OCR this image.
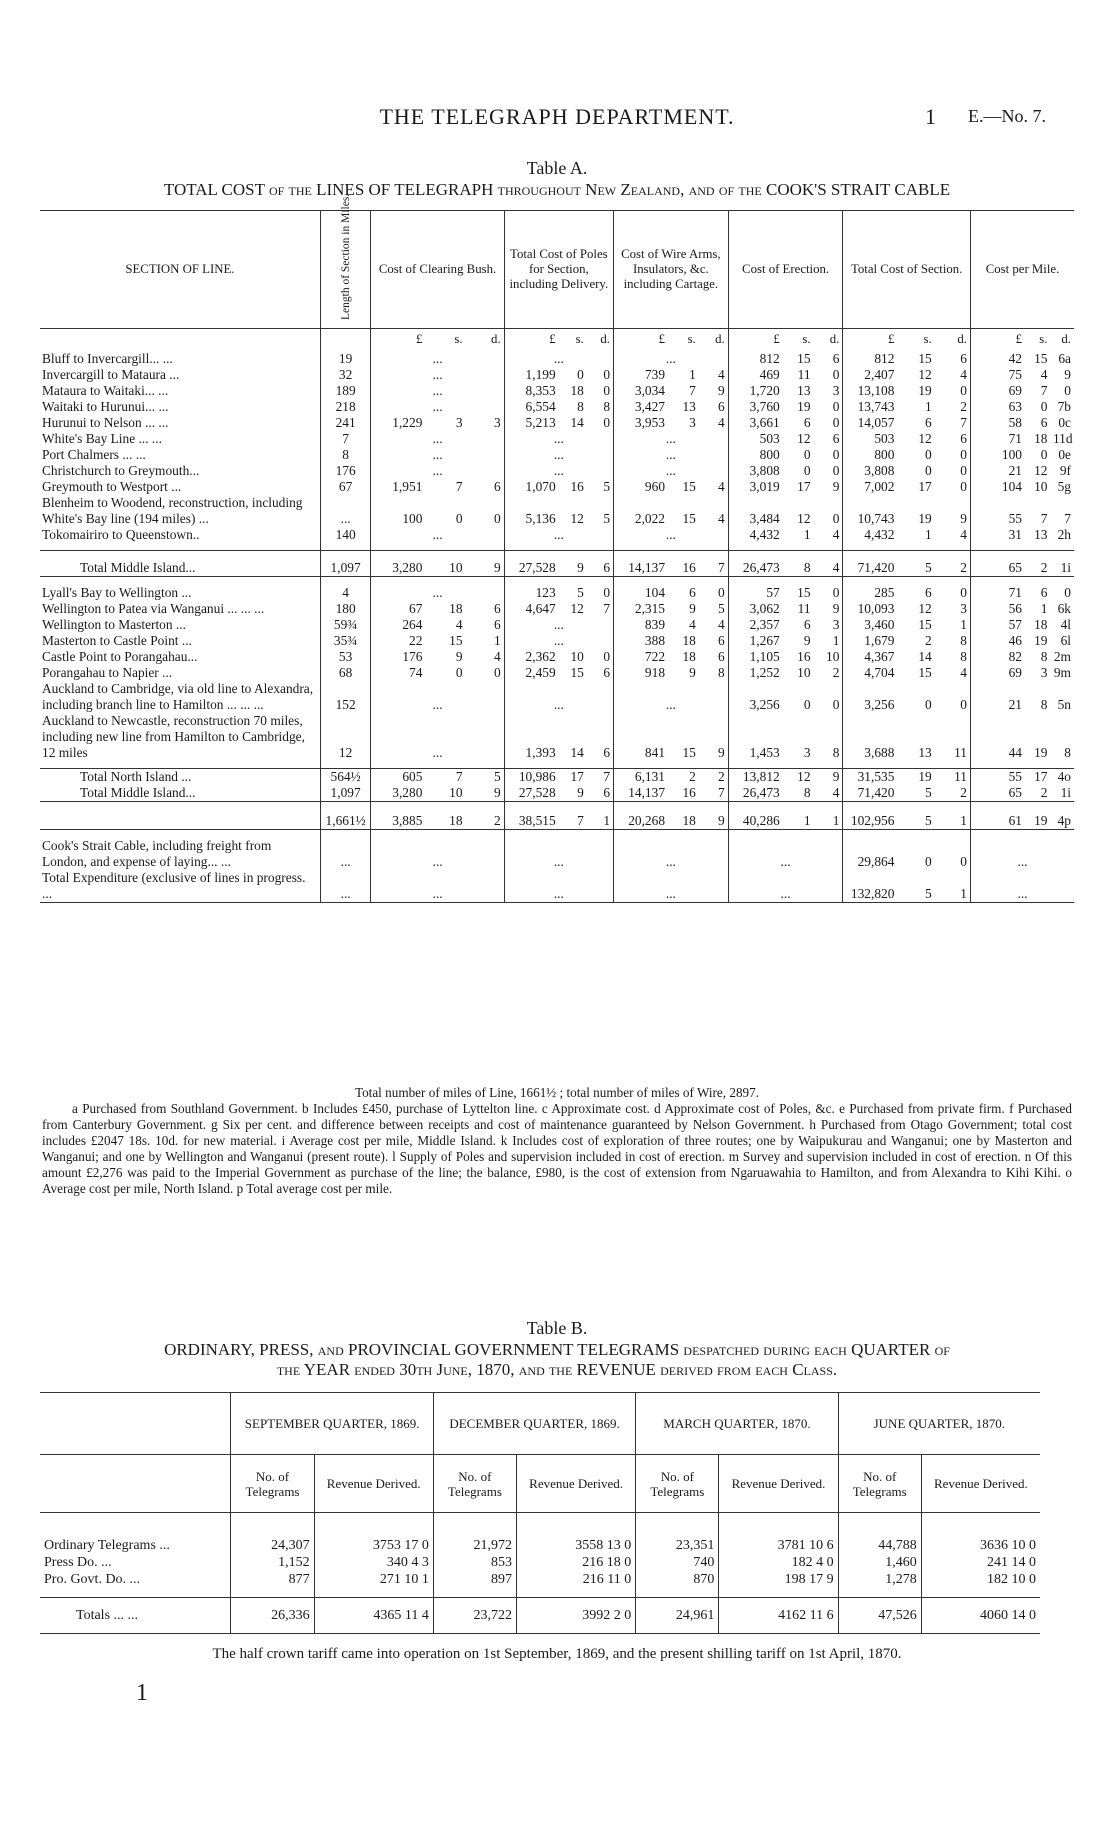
THE TELEGRAPH DEPARTMENT.	1 E.—No. 7.
Table A.
TOTAL COST of the LINES OF TELEGRAPH throughout New Zealand, and of the COOK'S STRAIT CABLE
SECTION OF LINE.	Length of Section in Miles.	Cost of Clearing Bush.	Total Cost of Poles for Section, including Delivery.	Cost of Wire Arms, Insulators, &c. including Cartage.	Cost of Erection.	Total Cost of Section.	Cost per Mile.

		£ s. d.	£ s. d.	£ s. d.	£ s. d.	£ s. d.	£ s. d.

Bluff to Invercargill... ...	19	...	...	...	812 15 6	812 15 6	42 15 6a

Invercargill to Mataura ...	32	...	1,199 0 0	739 1 4	469 11 0	2,407 12 4	75 4 9

Mataura to Waitaki... ...	189	...	8,353 18 0	3,034 7 9	1,720 13 3	13,108 19 0	69 7 0

Waitaki to Hurunui... ...	218	...	6,554 8 8	3,427 13 6	3,760 19 0	13,743 1 2	63 0 7b

Hurunui to Nelson ... ...	241	1,229 3 3	5,213 14 0	3,953 3 4	3,661 6 0	14,057 6 7	58 6 0c

White's Bay Line ... ...	7	...	...	...	503 12 6	503 12 6	71 18 11d

Port Chalmers ... ...	8	...	...	...	800 0 0	800 0 0	100 0 0e

Christchurch to Greymouth...	176	...	...	...	3,808 0 0	3,808 0 0	21 12 9f

Greymouth to Westport ...	67	1,951 7 6	1,070 16 5	960 15 4	3,019 17 9	7,002 17 0	104 10 5g

Blenheim to Woodend, reconstruction, including White's Bay line (194 miles) ...	...	100 0 0	5,136 12 5	2,022 15 4	3,484 12 0	10,743 19 9	55 7 7

Tokomairiro to Queenstown..	140	...	...	...	4,432 1 4	4,432 1 4	31 13 2h

Total Middle Island...	1,097	3,280 10 9	27,528 9 6	14,137 16 7	26,473 8 4	71,420 5 2	65 2 1i

Lyall's Bay to Wellington ...	4	...	123 5 0	104 6 0	57 15 0	285 6 0	71 6 0

Wellington to Patea via Wanganui ... ... ...	180	67 18 6	4,647 12 7	2,315 9 5	3,062 11 9	10,093 12 3	56 1 6k

Wellington to Masterton ...	59¾	264 4 6	...	839 4 4	2,357 6 3	3,460 15 1	57 18 4l

Masterton to Castle Point ...	35¾	22 15 1	...	388 18 6	1,267 9 1	1,679 2 8	46 19 6l

Castle Point to Porangahau...	53	176 9 4	2,362 10 0	722 18 6	1,105 16 10	4,367 14 8	82 8 2m

Porangahau to Napier ...	68	74 0 0	2,459 15 6	918 9 8	1,252 10 2	4,704 15 4	69 3 9m

Auckland to Cambridge, via old line to Alexandra, including branch line to Hamilton ... ... ...	152	...	...	...	3,256 0 0	3,256 0 0	21 8 5n

Auckland to Newcastle, reconstruction 70 miles, including new line from Hamilton to Cambridge, 12 miles	12	...	1,393 14 6	841 15 9	1,453 3 8	3,688 13 11	44 19 8

Total North Island ...	564½	605 7 5	10,986 17 7	6,131 2 2	13,812 12 9	31,535 19 11	55 17 4o

Total Middle Island...	1,097	3,280 10 9	27,528 9 6	14,137 16 7	26,473 8 4	71,420 5 2	65 2 1i

	1,661½	3,885 18 2	38,515 7 1	20,268 18 9	40,286 1 1	102,956 5 1	61 19 4p

Cook's Strait Cable, including freight from London, and expense of laying... ...	...	...	...	...	...	29,864 0 0	...

Total Expenditure (exclusive of lines in progress. ...	...	...	...	...	...	132,820 5 1	...

Total number of miles of Line, 1661½ ; total number of miles of Wire, 2897.

a Purchased from Southland Government. b Includes £450, purchase of Lyttelton line. c Approximate cost. d Approximate cost of Poles, &c. e Purchased from private firm. f Purchased from Canterbury Government. g Six per cent. and difference between receipts and cost of maintenance guaranteed by Nelson Government. h Purchased from Otago Government; total cost includes £2047 18s. 10d. for new material. i Average cost per mile, Middle Island. k Includes cost of exploration of three routes; one by Waipukurau and Wanganui; one by Masterton and Wanganui; and one by Wellington and Wanganui (present route). l Supply of Poles and supervision included in cost of erection. m Survey and supervision included in cost of erection. n Of this amount £2,276 was paid to the Imperial Government as purchase of the line; the balance, £980, is the cost of extension from Ngaruawahia to Hamilton, and from Alexandra to Kihi Kihi. o Average cost per mile, North Island. p Total average cost per mile.

Table B.
ORDINARY, PRESS, and PROVINCIAL GOVERNMENT TELEGRAMS despatched during each QUARTER of
the YEAR ended 30th June, 1870, and the REVENUE derived from each Class.
	SEPTEMBER QUARTER, 1869.		DECEMBER QUARTER, 1869.		MARCH QUARTER, 1870.		JUNE QUARTER, 1870.	
	No. of Telegrams	Revenue Derived.	No. of Telegrams	Revenue Derived.	No. of Telegrams	Revenue Derived.	No. of Telegrams	Revenue Derived.

Ordinary Telegrams ...	24,307	3753 17 0	21,972	3558 13 0	23,351	3781 10 6	44,788	3636 10 0
Press Do. ...	1,152	340 4 3	853	216 18 0	740	182 4 0	1,460	241 14 0
Pro. Govt. Do. ...	877	271 10 1	897	216 11 0	870	198 17 9	1,278	182 10 0

Totals ... ...	26,336	4365 11 4	23,722	3992 2 0	24,961	4162 11 6	47,526	4060 14 0
The half crown tariff came into operation on 1st September, 1869, and the present shilling tariff on 1st April, 1870.
1
